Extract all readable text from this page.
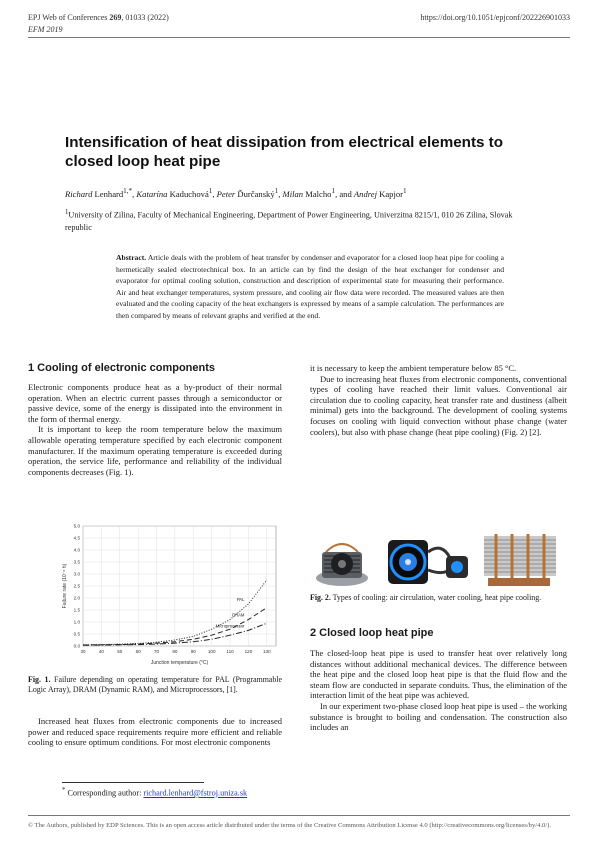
EPJ Web of Conferences 269, 01033 (2022)
EFM 2019
https://doi.org/10.1051/epjconf/202226901033
Intensification of heat dissipation from electrical elements to closed loop heat pipe
Richard Lenhard$^{1,*}$, Katarína Kaduchová$^1$, Peter Ďurčanský$^1$, Milan Malcho$^1$, and Andrej Kapjor$^1$
$^1$University of Zilina, Faculty of Mechanical Engineering, Department of Power Engineering, Univerzitna 8215/1, 010 26 Zilina, Slovak republic

Abstract. Article deals with the problem of heat transfer by condenser and evaporator for a closed loop heat pipe for cooling a hermetically sealed electrotechnical box. In an article can by find the design of the heat exchanger for condenser and evaporator for optimal cooling solution, construction and description of experimental state for measuring their performance. Air and heat exchanger temperatures, system pressure, and cooling air flow data were recorded. The measured values are then evaluated and the cooling capacity of the heat exchangers is expressed by means of a sample calculation. The performances are then compared by means of relevant graphs and verified at the end.

1 Cooling of electronic components

Electronic components produce heat as a by-product of their normal operation. When an electric current passes through a semiconductor or passive device, some of the energy is dissipated into the environment in the form of thermal energy.

It is important to keep the room temperature below the maximum allowable operating temperature specified by each electronic component manufacturer. If the maximum operating temperature is exceeded during operation, the service life, performance and reliability of the individual components decreases (Fig. 1).

30	40	50	60	70	80	90	100 110 120 130
0.0
0.5
1.0
1.5
2.0
2.5
3.0
3.5
4.0
4.5
5.0
Junction temperature (°C)
Failure rate (10⁻⁶ h)	PAL
DRAM
Microprocessor
Fig. 1. Failure depending on operating temperature for PAL (Programmable Logic Array), DRAM (Dynamic RAM), and Microprocessors, [1].

Increased heat fluxes from electronic components due to increased power and reduced space requirements require more efficient and reliable cooling to ensure optimum conditions. For most electronic components

it is necessary to keep the ambient temperature below 85 °C.

Due to increasing heat fluxes from electronic components, conventional types of cooling have reached their limit values. Conventional air circulation due to cooling capacity, heat transfer rate and dustiness (albeit minimal) gets into the background. The development of cooling systems focuses on cooling with liquid convection without phase change (water coolers), but also with phase change (heat pipe cooling) (Fig. 2) [2].

Fig. 2. Types of cooling: air circulation, water cooling, heat pipe cooling.
2 Closed loop heat pipe

The closed-loop heat pipe is used to transfer heat over relatively long distances without additional mechanical devices. The difference between the heat pipe and the closed loop heat pipe is that the fluid flow and the steam flow are conducted in separate conduits. Thus, the elimination of the interaction limit of the heat pipe was achieved.

In our experiment two-phase closed loop heat pipe is used – the working substance is brought to boiling and condensation. The construction also includes an

* Corresponding author: richard.lenhard@fstroj.uniza.sk
© The Authors, published by EDP Sciences. This is an open access article distributed under the terms of the Creative Commons Attribution License 4.0 (http://creativecommons.org/licenses/by/4.0/).
